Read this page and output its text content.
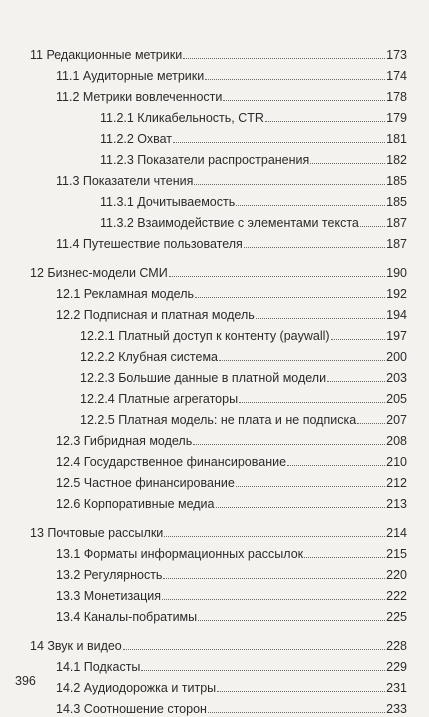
11 Редакционные метрики	173
11.1 Аудиторные метрики	174
11.2 Метрики вовлеченности	178
11.2.1 Кликабельность, CTR	179
11.2.2 Охват	181
11.2.3 Показатели распространения	182
11.3 Показатели чтения	185
11.3.1 Дочитываемость	185
11.3.2 Взаимодействие с элементами текста 187
11.4 Путешествие пользователя	187
12 Бизнес-модели СМИ	190
12.1 Рекламная модель	192
12.2 Подписная и платная модель	194
12.2.1 Платный доступ к контенту (paywall)	197
12.2.2 Клубная система	200
12.2.3 Большие данные в платной модели	203
12.2.4 Платные агрегаторы	205
12.2.5 Платная модель: не плата и не подписка 207
12.3 Гибридная модель	208
12.4 Государственное финансирование	210
12.5 Частное финансирование	212
12.6 Корпоративные медиа	213
13 Почтовые рассылки	214
13.1 Форматы информационных рассылок	215
13.2 Регулярность	220
13.3 Монетизация	222
13.4 Каналы-побратимы	225
14 Звук и видео	228
14.1 Подкасты	229
14.2 Аудиодорожка и титры	231
14.3 Соотношение сторон	233
396
